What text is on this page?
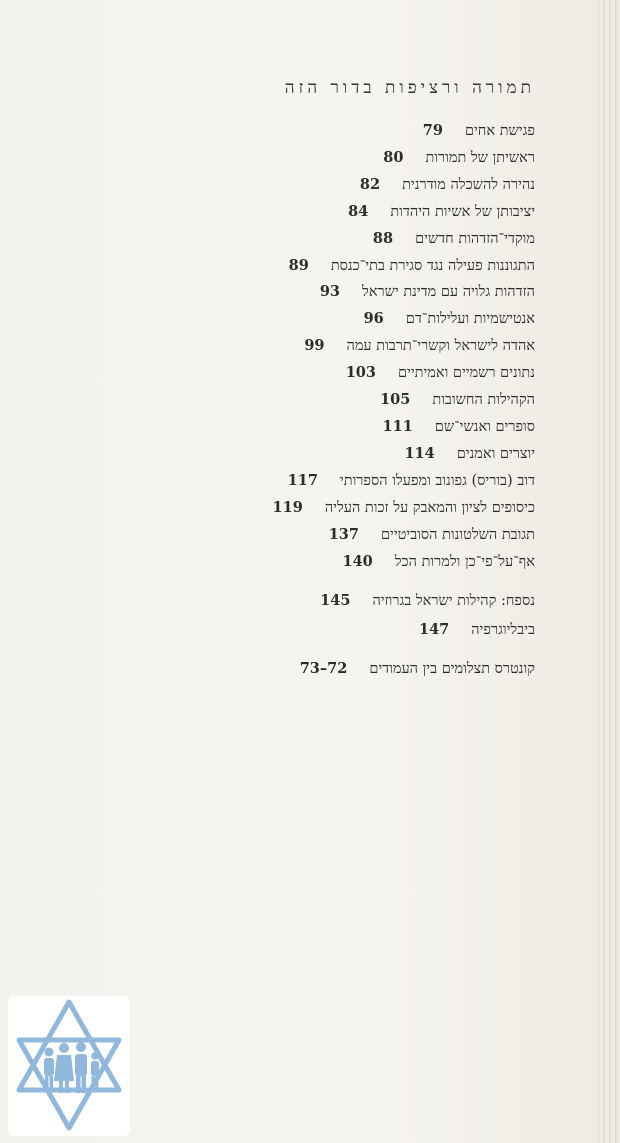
תמורה ורציפות בדור הזה
פגישת אחים79
ראשיתן של תמורות80
נהירה להשכלה מודרנית82
יציבותן של אשיות היהדות84
מוקדי־הזדהות חדשים88
התגוננות פעילה נגד סגירת בתי־כנסת89
הזדהות גלויה עם מדינת ישראל93
אנטישמיות ועלילות־דם96
אהדה לישראל וקשרי־תרבות עמה99
נתונים רשמיים ואמיתיים103
הקהילות החשובות105
סופרים ואנשי־שם111
יוצרים ואמנים114
דוב (בוריס) גפונוב ומפעלו הספרותי117
כיסופים לציון והמאבק על זכות העליה119
תגובת השלטונות הסוביטיים137
אף־על־פי־כן ולמרות הכל140
נספח: קהילות ישראל בגרוזיה145
ביבליוגרפיה147
קונטרס תצלומים בין העמודים72–73
